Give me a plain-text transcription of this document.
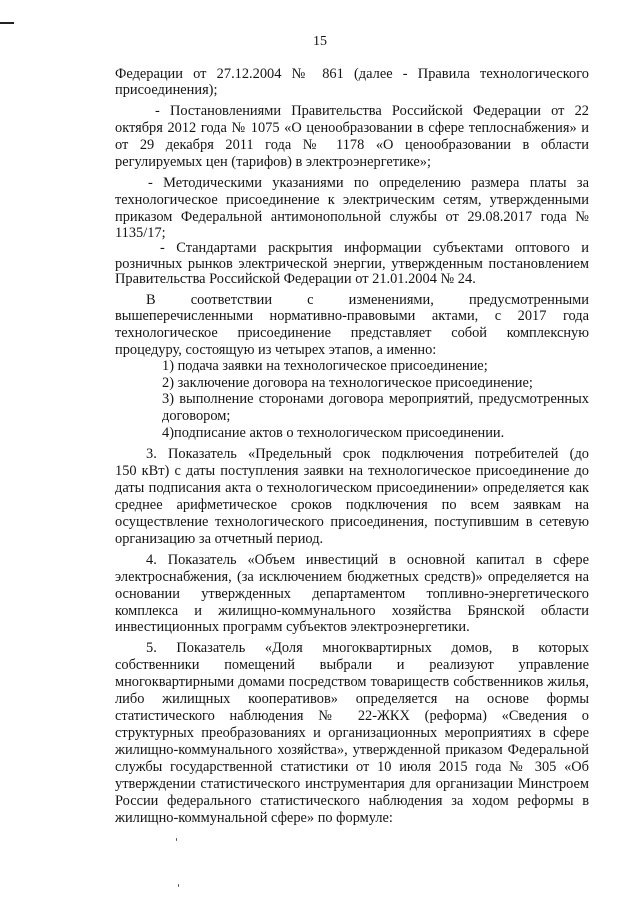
15
Федерации от 27.12.2004 № 861 (далее - Правила технологического
присоединения);
- Постановлениями Правительства Российской Федерации от 22
октября 2012 года № 1075 «О ценообразовании в сфере теплоснабжения» и
от 29 декабря 2011 года № 1178 «О ценообразовании в области
регулируемых цен (тарифов) в электроэнергетике»;
- Методическими указаниями по определению размера платы за
технологическое присоединение к электрическим сетям, утвержденными
приказом Федеральной антимонопольной службы от 29.08.2017 года №
1135/17;
- Стандартами раскрытия информации субъектами оптового и
розничных рынков электрической энергии, утвержденным постановлением
Правительства Российской Федерации от 21.01.2004 № 24.
В соответствии с изменениями, предусмотренными
вышеперечисленными нормативно-правовыми актами, с 2017 года
технологическое присоединение представляет собой комплексную
процедуру, состоящую из четырех этапов, а именно:
1) подача заявки на технологическое присоединение;
2) заключение договора на технологическое присоединение;
3) выполнение сторонами договора мероприятий, предусмотренных
договором;
4)подписание актов о технологическом присоединении.
3. Показатель «Предельный срок подключения потребителей (до
150 кВт) с даты поступления заявки на технологическое присоединение до
даты подписания акта о технологическом присоединении» определяется как
среднее арифметическое сроков подключения по всем заявкам на
осуществление технологического присоединения, поступившим в сетевую
организацию за отчетный период.
4. Показатель «Объем инвестиций в основной капитал в сфере
электроснабжения, (за исключением бюджетных средств)» определяется на
основании утвержденных департаментом топливно-энергетического
комплекса и жилищно-коммунального хозяйства Брянской области
инвестиционных программ субъектов электроэнергетики.
5. Показатель «Доля многоквартирных домов, в которых
собственники помещений выбрали и реализуют управление
многоквартирными домами посредством товариществ собственников жилья,
либо жилищных кооперативов» определяется на основе формы
статистического наблюдения № 22-ЖКХ (реформа) «Сведения о
структурных преобразованиях и организационных мероприятиях в сфере
жилищно-коммунального хозяйства», утвержденной приказом Федеральной
службы государственной статистики от 10 июля 2015 года № 305 «Об
утверждении статистического инструментария для организации Минстроем
России федерального статистического наблюдения за ходом реформы в
жилищно-коммунальной сфере» по формуле:
